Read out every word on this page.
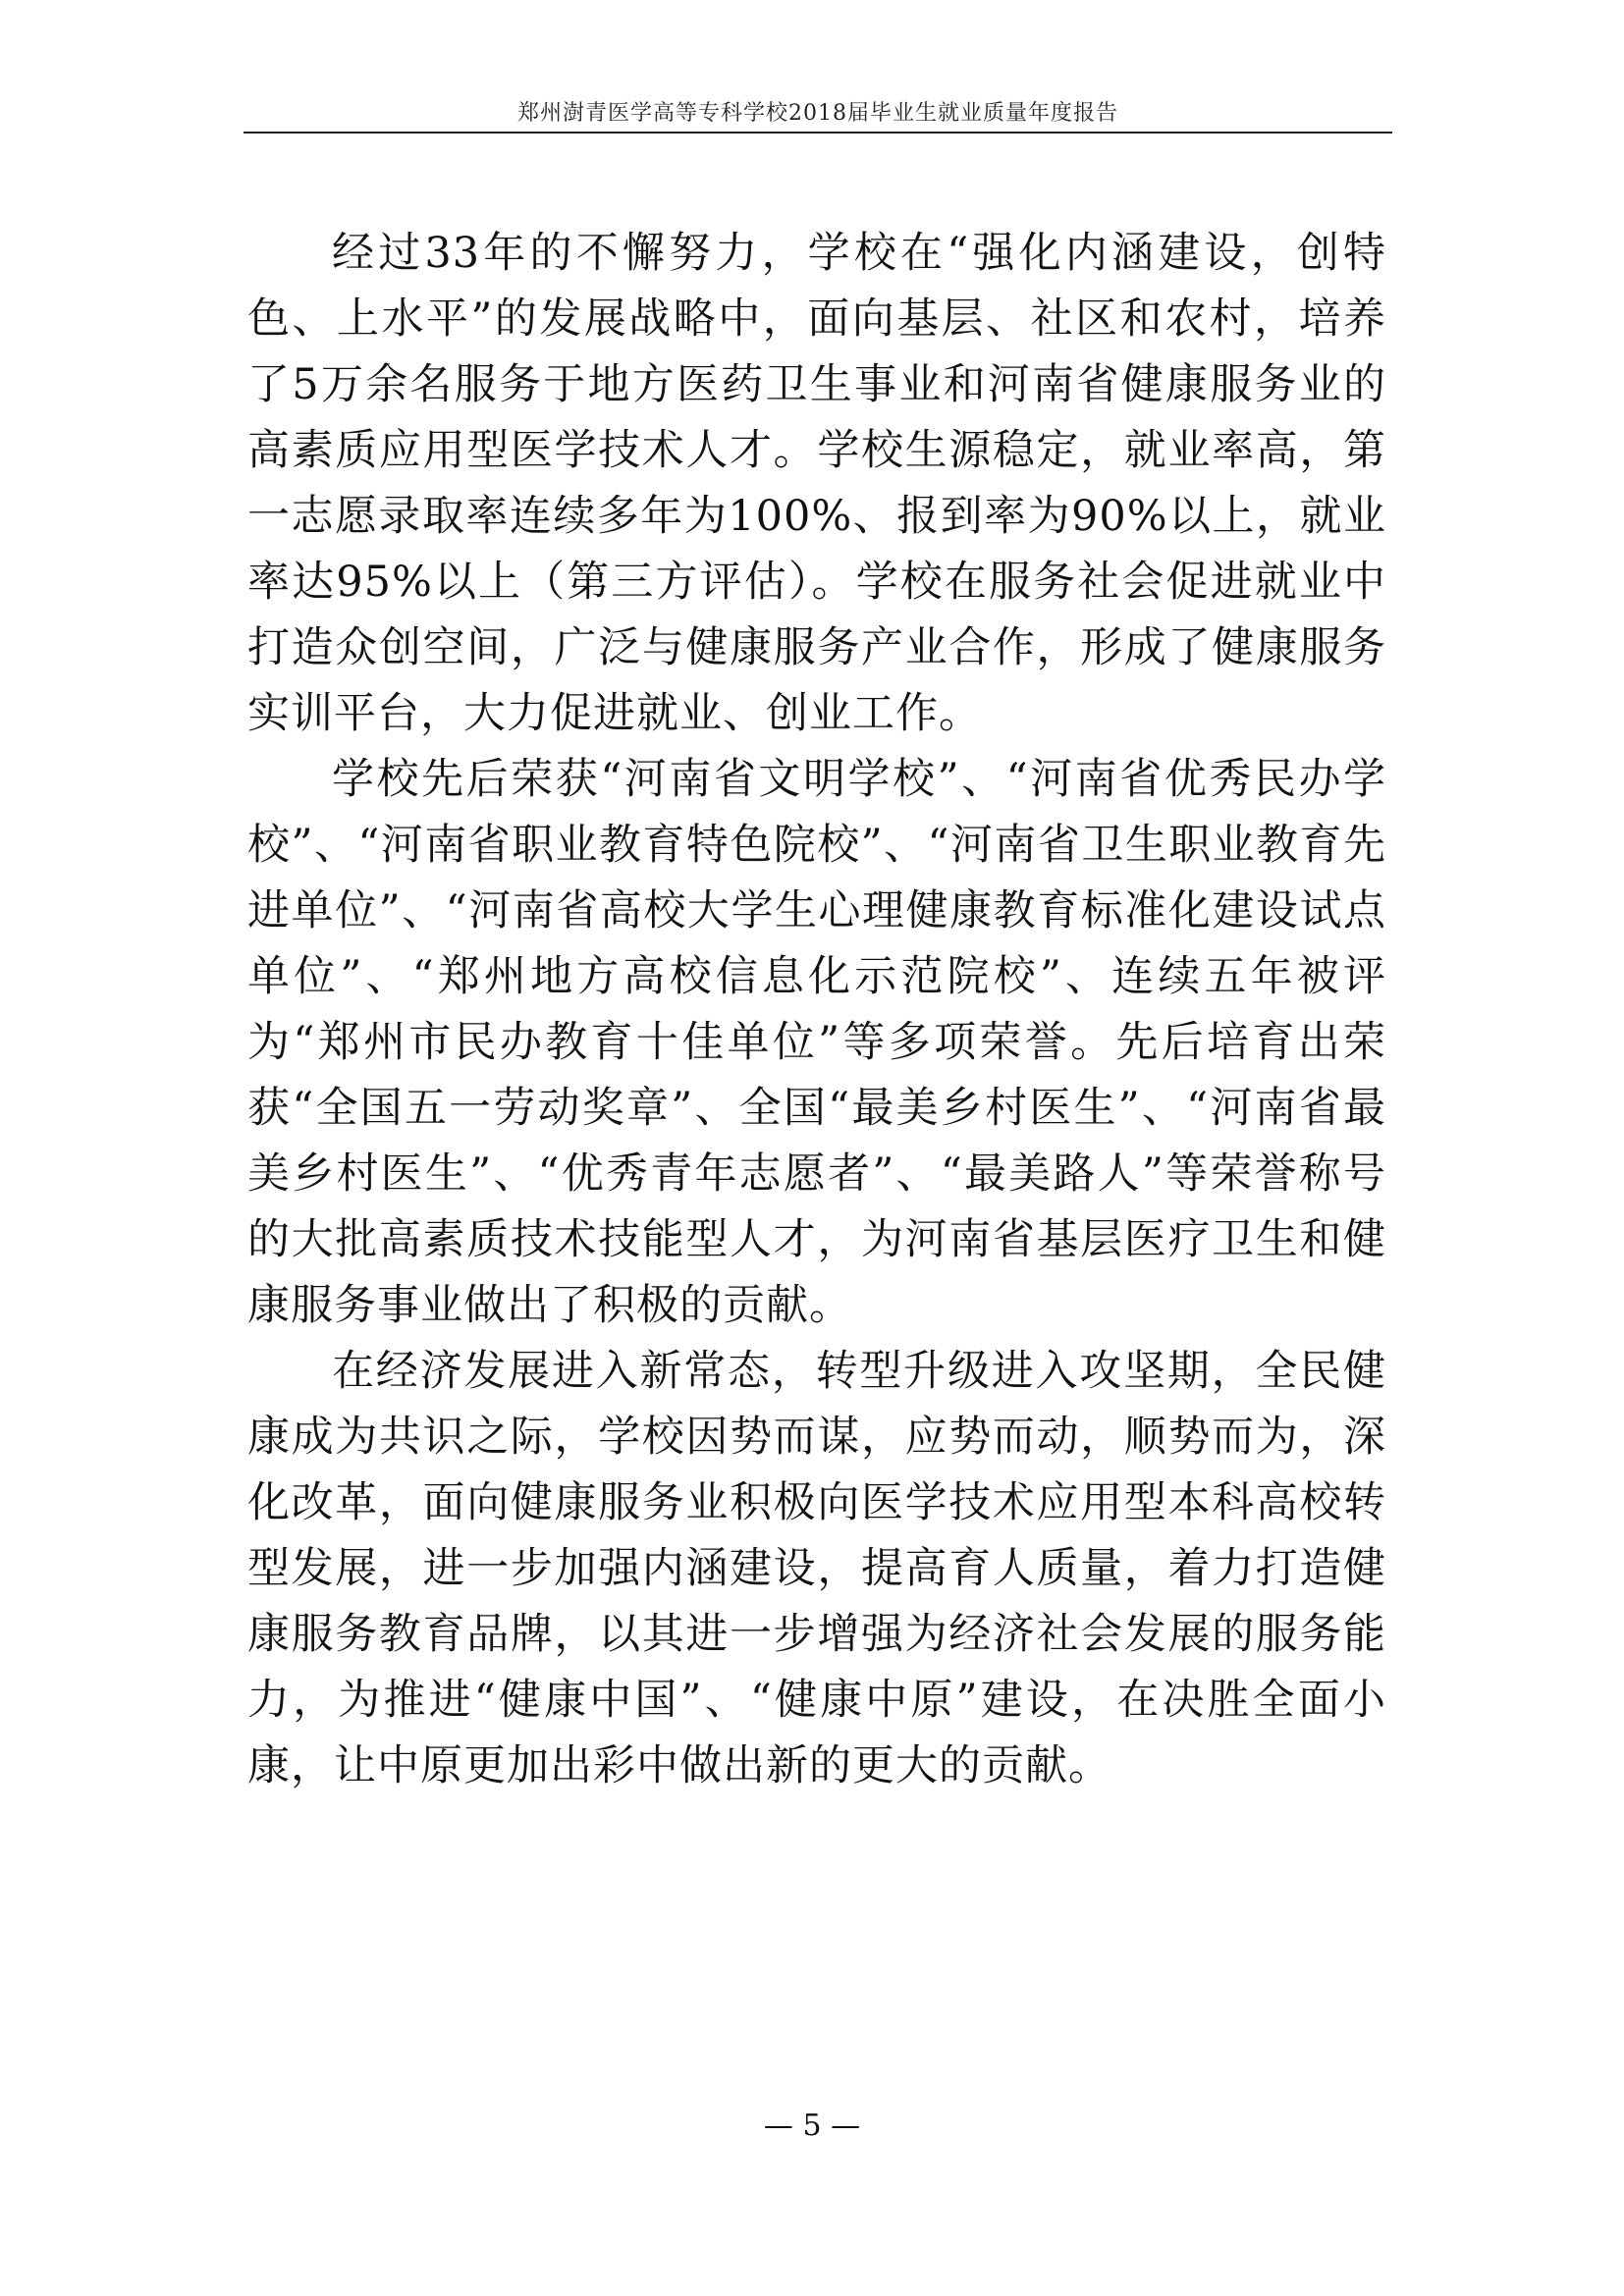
郑州澍青医学高等专科学校2018届毕业生就业质量年度报告

经过33年的不懈努力，学校在“强化内涵建设，创特色、上水平”的发展战略中，面向基层、社区和农村，培养了5万余名服务于地方医药卫生事业和河南省健康服务业的高素质应用型医学技术人才。学校生源稳定，就业率高，第一志愿录取率连续多年为100%、报到率为90%以上，就业率达95%以上（第三方评估）。学校在服务社会促进就业中打造众创空间，广泛与健康服务产业合作，形成了健康服务实训平台，大力促进就业、创业工作。

学校先后荣获“河南省文明学校”、“河南省优秀民办学校”、“河南省职业教育特色院校”、“河南省卫生职业教育先进单位”、“河南省高校大学生心理健康教育标准化建设试点单位”、“郑州地方高校信息化示范院校”、连续五年被评为“郑州市民办教育十佳单位”等多项荣誉。先后培育出荣获“全国五一劳动奖章”、全国“最美乡村医生”、“河南省最美乡村医生”、“优秀青年志愿者”、“最美路人”等荣誉称号的大批高素质技术技能型人才，为河南省基层医疗卫生和健康服务事业做出了积极的贡献。

在经济发展进入新常态，转型升级进入攻坚期，全民健康成为共识之际，学校因势而谋，应势而动，顺势而为，深化改革，面向健康服务业积极向医学技术应用型本科高校转型发展，进一步加强内涵建设，提高育人质量，着力打造健康服务教育品牌，以其进一步增强为经济社会发展的服务能力，为推进“健康中国”、“健康中原”建设，在决胜全面小康，让中原更加出彩中做出新的更大的贡献。

— 5 —
